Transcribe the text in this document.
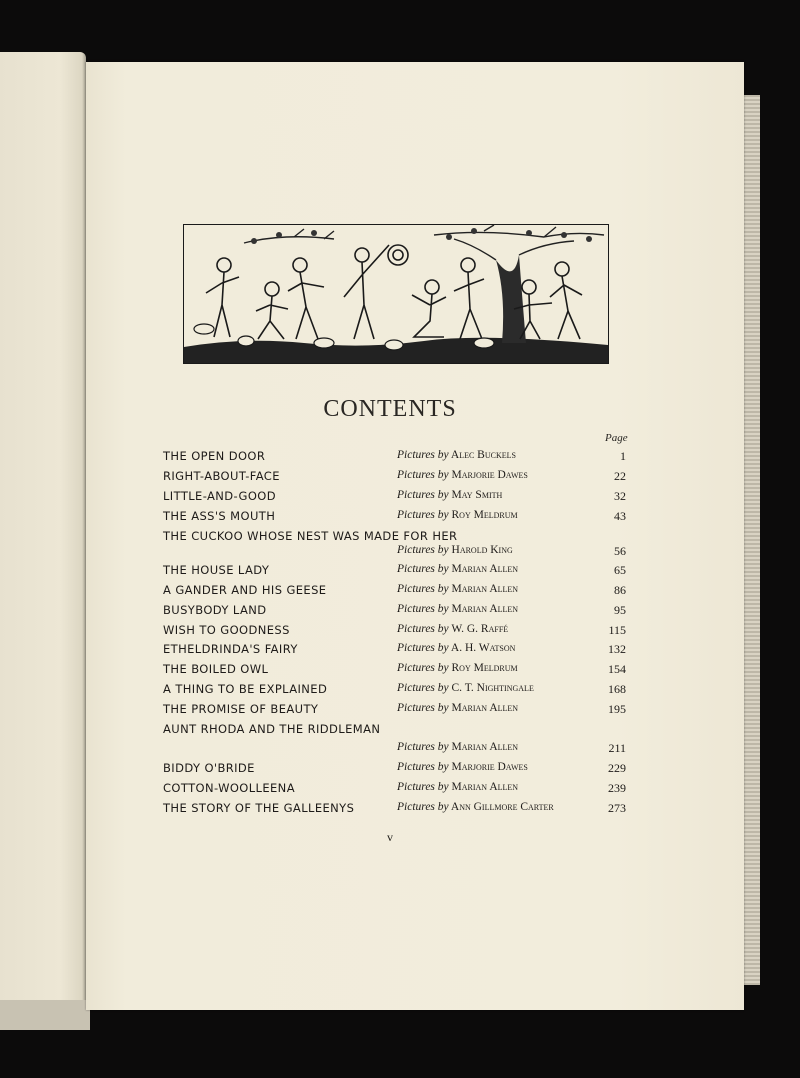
CONTENTS
Page
THE OPEN DOOR	Pictures by Alec Buckels	1
RIGHT-ABOUT-FACE	Pictures by Marjorie Dawes	22
LITTLE-AND-GOOD	Pictures by May Smith	32
THE ASS'S MOUTH	Pictures by Roy Meldrum	43
THE CUCKOO WHOSE NEST WAS MADE FOR HER
Pictures by Harold King	56
THE HOUSE LADY	Pictures by Marian Allen	65
A GANDER AND HIS GEESE	Pictures by Marian Allen	86
BUSYBODY LAND	Pictures by Marian Allen	95
WISH TO GOODNESS	Pictures by W. G. Raffé	115
ETHELDRINDA'S FAIRY	Pictures by A. H. Watson	132
THE BOILED OWL	Pictures by Roy Meldrum	154
A THING TO BE EXPLAINED	Pictures by C. T. Nightingale	168
THE PROMISE OF BEAUTY	Pictures by Marian Allen	195
AUNT RHODA AND THE RIDDLEMAN
Pictures by Marian Allen	211
BIDDY O'BRIDE	Pictures by Marjorie Dawes	229
COTTON-WOOLLEENA	Pictures by Marian Allen	239
THE STORY OF THE GALLEENYS	Pictures by Ann Gillmore Carter	273
v
